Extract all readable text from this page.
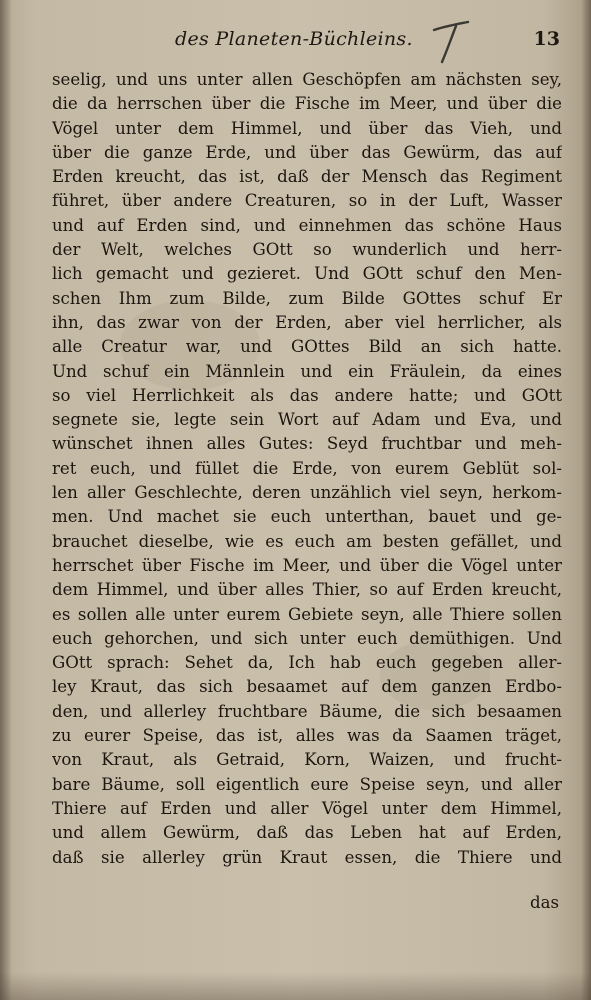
des Planeten-Büchleins.	13
seelig, und uns unter allen Geschöpfen am nächsten sey,
die da herrschen über die Fische im Meer, und über die
Vögel unter dem Himmel, und über das Vieh, und
über die ganze Erde, und über das Gewürm, das auf
Erden kreucht, das ist, daß der Mensch das Regiment
führet, über andere Creaturen, so in der Luft, Wasser
und auf Erden sind, und einnehmen das schöne Haus
der Welt, welches GOtt so wunderlich und herr-
lich gemacht und gezieret. Und GOtt schuf den Men-
schen Ihm zum Bilde, zum Bilde GOttes schuf Er
ihn, das zwar von der Erden, aber viel herrlicher, als
alle Creatur war, und GOttes Bild an sich hatte.
Und schuf ein Männlein und ein Fräulein, da eines
so viel Herrlichkeit als das andere hatte; und GOtt
segnete sie, legte sein Wort auf Adam und Eva, und
wünschet ihnen alles Gutes: Seyd fruchtbar und meh-
ret euch, und füllet die Erde, von eurem Geblüt sol-
len aller Geschlechte, deren unzählich viel seyn, herkom-
men. Und machet sie euch unterthan, bauet und ge-
brauchet dieselbe, wie es euch am besten gefället, und
herrschet über Fische im Meer, und über die Vögel unter
dem Himmel, und über alles Thier, so auf Erden kreucht,
es sollen alle unter eurem Gebiete seyn, alle Thiere sollen
euch gehorchen, und sich unter euch demüthigen. Und
GOtt sprach: Sehet da, Ich hab euch gegeben aller-
ley Kraut, das sich besaamet auf dem ganzen Erdbo-
den, und allerley fruchtbare Bäume, die sich besaamen
zu eurer Speise, das ist, alles was da Saamen träget,
von Kraut, als Getraid, Korn, Waizen, und frucht-
bare Bäume, soll eigentlich eure Speise seyn, und aller
Thiere auf Erden und aller Vögel unter dem Himmel,
und allem Gewürm, daß das Leben hat auf Erden,
daß sie allerley grün Kraut essen, die Thiere und
das
